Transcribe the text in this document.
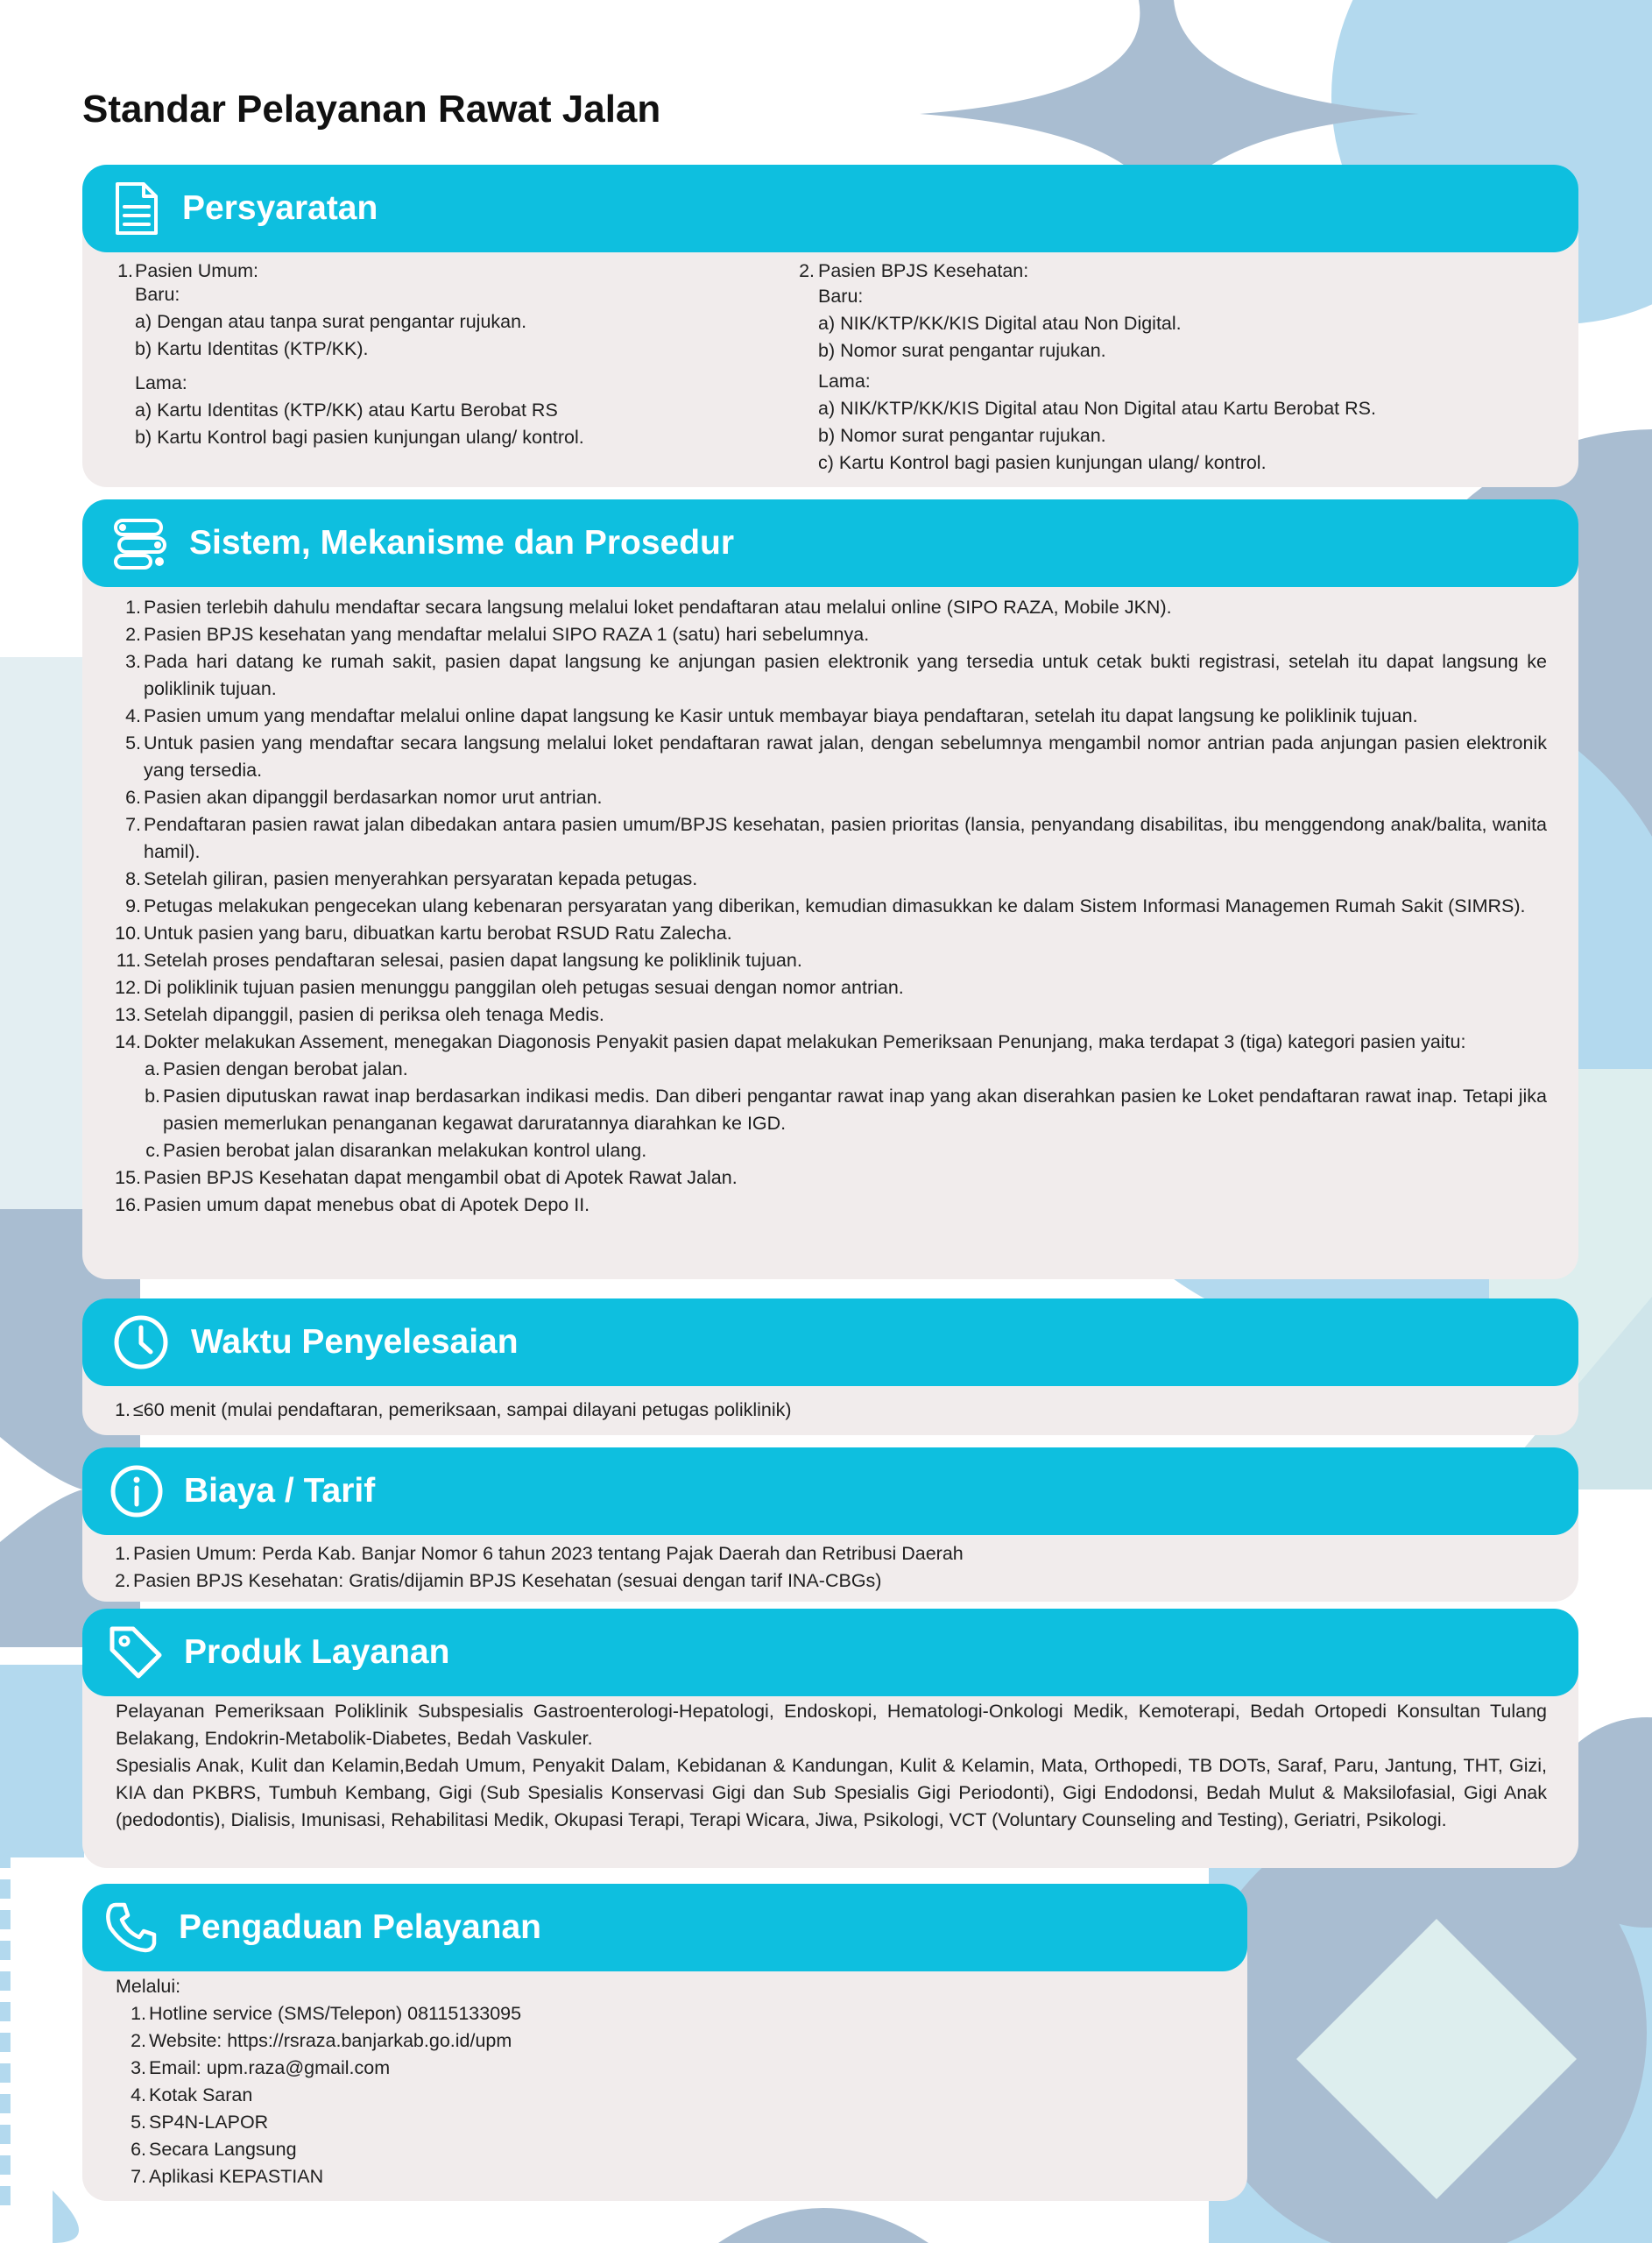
Standar Pelayanan Rawat Jalan
Persyaratan
1. Pasien Umum:
Baru:
a) Dengan atau tanpa surat pengantar rujukan.
b) Kartu Identitas (KTP/KK).
Lama:
a) Kartu Identitas (KTP/KK) atau Kartu Berobat RS
b) Kartu Kontrol bagi pasien kunjungan ulang/ kontrol.
2. Pasien BPJS Kesehatan:
Baru:
a) NIK/KTP/KK/KIS Digital atau Non Digital.
b) Nomor surat pengantar rujukan.
Lama:
a) NIK/KTP/KK/KIS Digital atau Non Digital atau Kartu Berobat RS.
b) Nomor surat pengantar rujukan.
c) Kartu Kontrol bagi pasien kunjungan ulang/ kontrol.
Sistem, Mekanisme dan Prosedur
1. Pasien terlebih dahulu mendaftar secara langsung melalui loket pendaftaran atau melalui online (SIPO RAZA, Mobile JKN).
2. Pasien BPJS kesehatan yang mendaftar melalui SIPO RAZA 1 (satu) hari sebelumnya.
3. Pada hari datang ke rumah sakit, pasien dapat langsung ke anjungan pasien elektronik yang tersedia untuk cetak bukti registrasi, setelah itu dapat langsung ke poliklinik tujuan.
4. Pasien umum yang mendaftar melalui online dapat langsung ke Kasir untuk membayar biaya pendaftaran, setelah itu dapat langsung ke poliklinik tujuan.
5. Untuk pasien yang mendaftar secara langsung melalui loket pendaftaran rawat jalan, dengan sebelumnya mengambil nomor antrian pada anjungan pasien elektronik yang tersedia.
6. Pasien akan dipanggil berdasarkan nomor urut antrian.
7. Pendaftaran pasien rawat jalan dibedakan antara pasien umum/BPJS kesehatan, pasien prioritas (lansia, penyandang disabilitas, ibu menggendong anak/balita, wanita hamil).
8. Setelah giliran, pasien menyerahkan persyaratan kepada petugas.
9. Petugas melakukan pengecekan ulang kebenaran persyaratan yang diberikan, kemudian dimasukkan ke dalam Sistem Informasi Managemen Rumah Sakit (SIMRS).
10. Untuk pasien yang baru, dibuatkan kartu berobat RSUD Ratu Zalecha.
11. Setelah proses pendaftaran selesai, pasien dapat langsung ke poliklinik tujuan.
12. Di poliklinik tujuan pasien menunggu panggilan oleh petugas sesuai dengan nomor antrian.
13. Setelah dipanggil, pasien di periksa oleh tenaga Medis.
14. Dokter melakukan Assement, menegakan Diagonosis Penyakit pasien dapat melakukan Pemeriksaan Penunjang, maka terdapat 3 (tiga) kategori pasien yaitu:
a. Pasien dengan berobat jalan.
b. Pasien diputuskan rawat inap berdasarkan indikasi medis. Dan diberi pengantar rawat inap yang akan diserahkan pasien ke Loket pendaftaran rawat inap. Tetapi jika pasien memerlukan penanganan kegawat daruratannya diarahkan ke IGD.
c. Pasien berobat jalan disarankan melakukan kontrol ulang.
15. Pasien BPJS Kesehatan dapat mengambil obat di Apotek Rawat Jalan.
16. Pasien umum dapat menebus obat di Apotek Depo II.
Waktu Penyelesaian
1. ≤60 menit (mulai pendaftaran, pemeriksaan, sampai dilayani petugas poliklinik)
Biaya / Tarif
1. Pasien Umum: Perda Kab. Banjar Nomor 6 tahun 2023 tentang Pajak Daerah dan Retribusi Daerah
2. Pasien BPJS Kesehatan: Gratis/dijamin BPJS Kesehatan (sesuai dengan tarif INA-CBGs)
Produk Layanan

Pelayanan Pemeriksaan Poliklinik Subspesialis Gastroenterologi-Hepatologi, Endoskopi, Hematologi-Onkologi Medik, Kemoterapi, Bedah Ortopedi Konsultan Tulang Belakang, Endokrin-Metabolik-Diabetes, Bedah Vaskuler.

Spesialis Anak, Kulit dan Kelamin,Bedah Umum, Penyakit Dalam, Kebidanan & Kandungan, Kulit & Kelamin, Mata, Orthopedi, TB DOTs, Saraf, Paru, Jantung, THT, Gizi, KIA dan PKBRS, Tumbuh Kembang, Gigi (Sub Spesialis Konservasi Gigi dan Sub Spesialis Gigi Periodonti), Gigi Endodonsi, Bedah Mulut & Maksilofasial, Gigi Anak (pedodontis), Dialisis, Imunisasi, Rehabilitasi Medik, Okupasi Terapi, Terapi Wicara, Jiwa, Psikologi, VCT (Voluntary Counseling and Testing), Geriatri, Psikologi.

Pengaduan Pelayanan
Melalui:
1. Hotline service (SMS/Telepon) 08115133095
2. Website: https://rsraza.banjarkab.go.id/upm
3. Email: upm.raza@gmail.com
4. Kotak Saran
5. SP4N-LAPOR
6. Secara Langsung
7. Aplikasi KEPASTIAN
